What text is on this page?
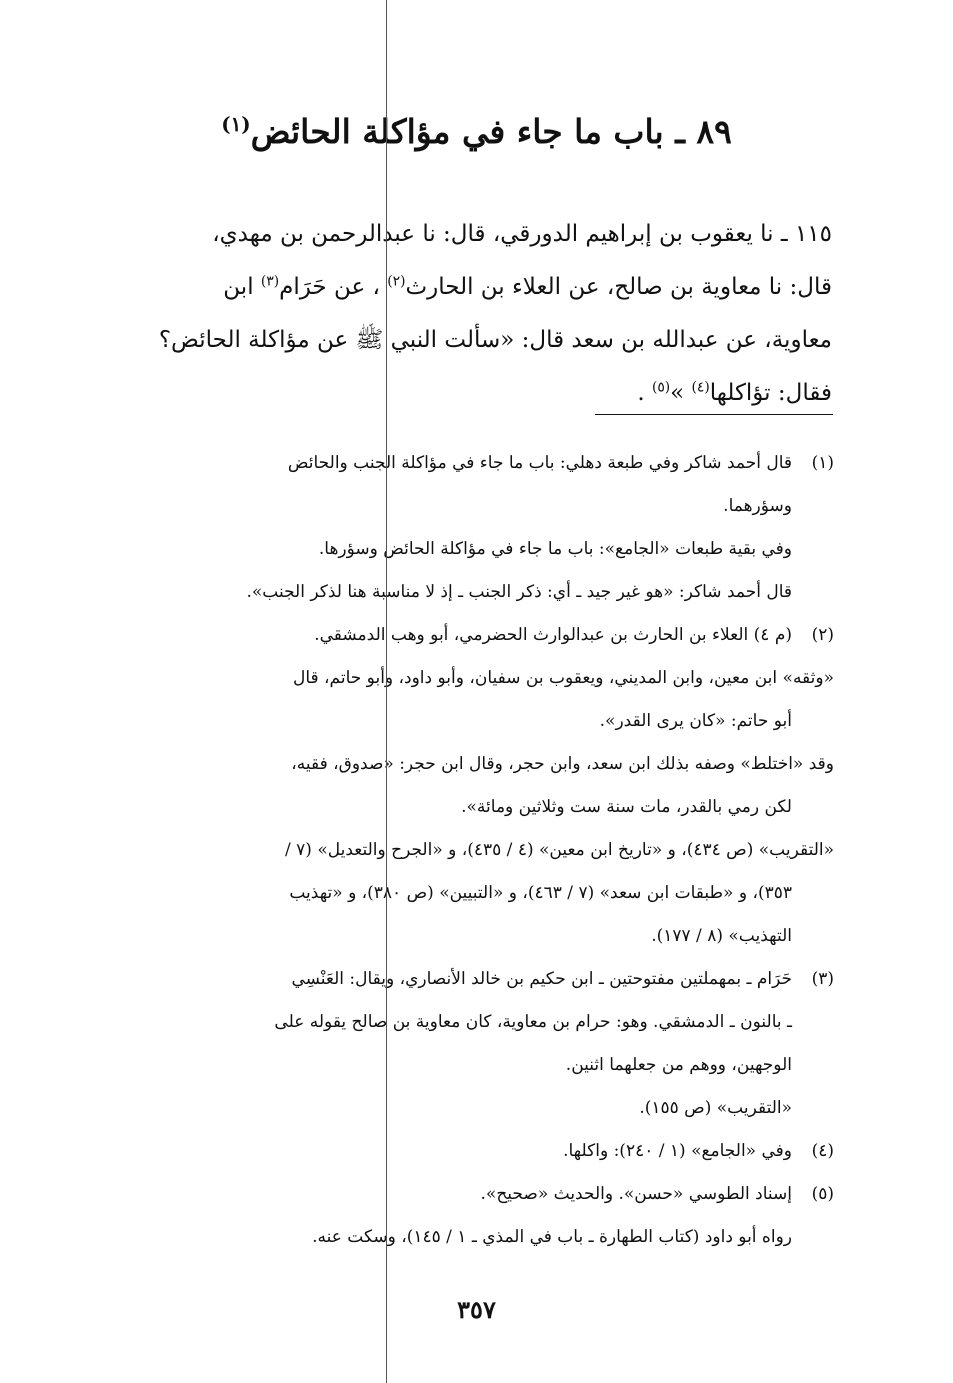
٨٩ ـ باب ما جاء في مؤاكلة الحائض$^{(١)}$

١١٥ ـ نا يعقوب بن إبراهيم الدورقي، قال: نا عبدالرحمن بن مهدي،

قال: نا معاوية بن صالح، عن العلاء بن الحارث$^{(٢)}$ ، عن حَرَام$^{(٣)}$ ابن

معاوية، عن عبدالله بن سعد قال: «سألت النبي ﷺ عن مؤاكلة الحائض؟

فقال: تؤاكلها$^{(٤)}$ »$^{(٥)}$ .

(١)قال أحمد شاكر وفي طبعة دهلي: باب ما جاء في مؤاكلة الجنب والحائض

وسؤرهما.

وفي بقية طبعات «الجامع»: باب ما جاء في مؤاكلة الحائض وسؤرها.

قال أحمد شاكر: «هو غير جيد ـ أي: ذكر الجنب ـ إذ لا مناسبة هنا لذكر الجنب».

(٢)(م ٤) العلاء بن الحارث بن عبدالوارث الحضرمي، أبو وهب الدمشقي.

«وثقه» ابن معين، وابن المديني، ويعقوب بن سفيان، وأبو داود، وأبو حاتم، قال

أبو حاتم: «كان يرى القدر».

وقد «اختلط» وصفه بذلك ابن سعد، وابن حجر، وقال ابن حجر: «صدوق، فقيه،

لكن رمي بالقدر، مات سنة ست وثلاثين ومائة».

«التقريب» (ص ٤٣٤)، و «تاريخ ابن معين» (٤ / ٤٣٥)، و «الجرح والتعديل» (٧ /

٣٥٣)، و «طبقات ابن سعد» (٧ / ٤٦٣)، و «التبيين» (ص ٣٨٠)، و «تهذيب

التهذيب» (٨ / ١٧٧).

(٣)حَرَام ـ بمهملتين مفتوحتين ـ ابن حكيم بن خالد الأنصاري، ويقال: العَنْسِي

ـ بالنون ـ الدمشقي. وهو: حرام بن معاوية، كان معاوية بن صالح يقوله على

الوجهين، ووهم من جعلهما اثنين.

«التقريب» (ص ١٥٥).

(٤)وفي «الجامع» (١ / ٢٤٠): واكلها.

(٥)إسناد الطوسي «حسن». والحديث «صحيح».

رواه أبو داود (كتاب الطهارة ـ باب في المذي ـ ١ / ١٤٥)، وسكت عنه.

٣٥٧
